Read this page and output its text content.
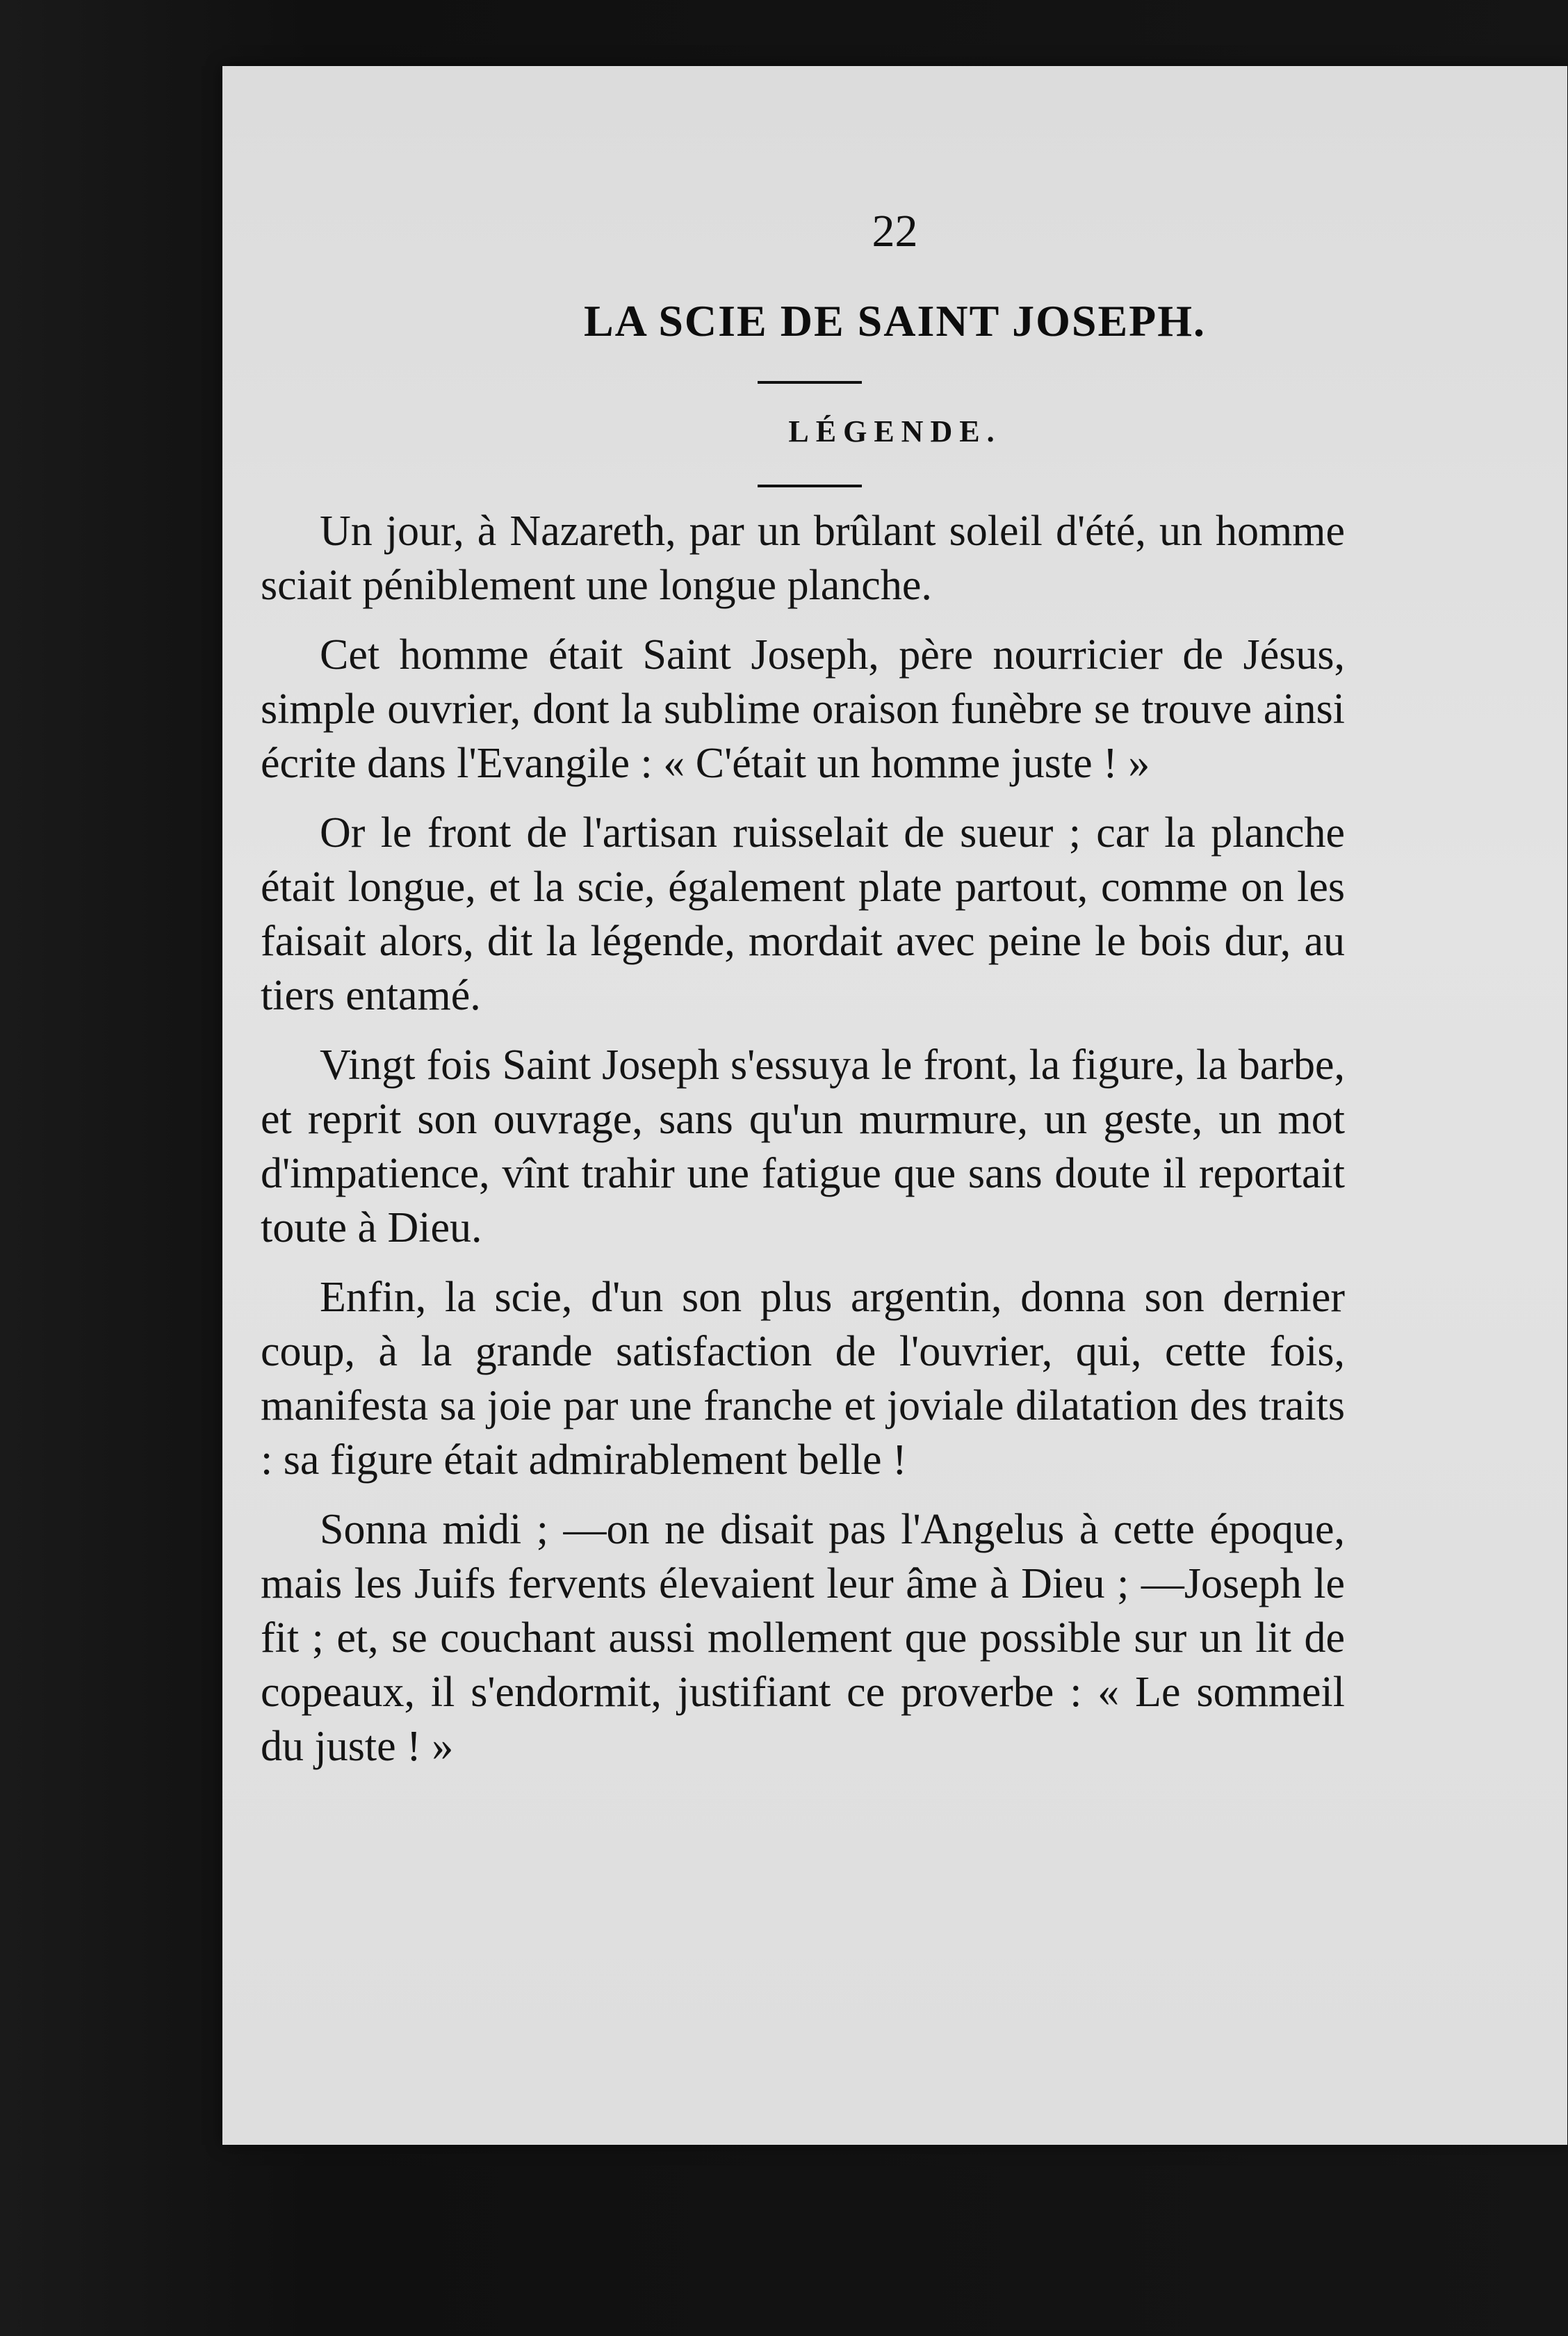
22
LA SCIE DE SAINT JOSEPH.
LÉGENDE.

Un jour, à Nazareth, par un brûlant soleil d'été, un homme sciait péniblement une longue planche.

Cet homme était Saint Joseph, père nourricier de Jésus, simple ouvrier, dont la sublime oraison funèbre se trouve ainsi écrite dans l'Evangile : « C'était un homme juste ! »

Or le front de l'artisan ruisselait de sueur ; car la planche était longue, et la scie, également plate partout, comme on les faisait alors, dit la légende, mordait avec peine le bois dur, au tiers entamé.

Vingt fois Saint Joseph s'essuya le front, la figure, la barbe, et reprit son ouvrage, sans qu'un murmure, un geste, un mot d'impatience, vînt trahir une fatigue que sans doute il reportait toute à Dieu.

Enfin, la scie, d'un son plus argentin, donna son dernier coup, à la grande satisfaction de l'ouvrier, qui, cette fois, manifesta sa joie par une franche et joviale dilatation des traits : sa figure était admirablement belle !

Sonna midi ; —on ne disait pas l'Angelus à cette époque, mais les Juifs fervents élevaient leur âme à Dieu ; —Joseph le fit ; et, se couchant aussi mollement que possible sur un lit de copeaux, il s'endormit, justifiant ce proverbe : « Le sommeil du juste ! »
